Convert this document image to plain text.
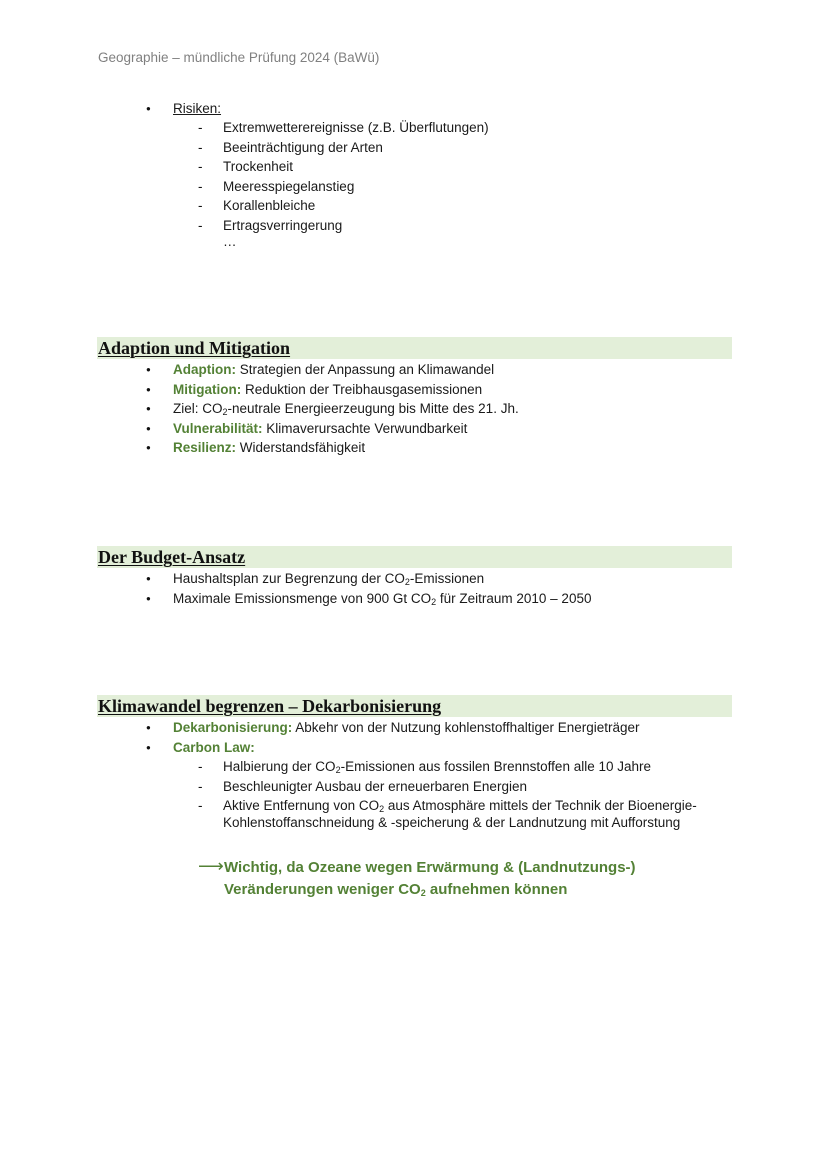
Geographie – mündliche Prüfung 2024 (BaWü)
● Risiken:
- Extremwetterereignisse (z.B. Überflutungen)
- Beeinträchtigung der Arten
- Trockenheit
- Meeresspiegelanstieg
- Korallenbleiche
- Ertragsverringerung
…
Adaption und Mitigation
● Adaption: Strategien der Anpassung an Klimawandel
● Mitigation: Reduktion der Treibhausgasemissionen
● Ziel: $CO_2$-neutrale Energieerzeugung bis Mitte des 21. Jh.
● Vulnerabilität: Klimaverursachte Verwundbarkeit
● Resilienz: Widerstandsfähigkeit
Der Budget-Ansatz
● Haushaltsplan zur Begrenzung der $CO_2$-Emissionen
● Maximale Emissionsmenge von 900 Gt $CO_2$ für Zeitraum 2010 – 2050
Klimawandel begrenzen – Dekarbonisierung
● Dekarbonisierung: Abkehr von der Nutzung kohlenstoffhaltiger Energieträger
● Carbon Law:
- Halbierung der $CO_2$-Emissionen aus fossilen Brennstoffen alle 10 Jahre
- Beschleunigter Ausbau der erneuerbaren Energien
- Aktive Entfernung von $CO_2$ aus Atmosphäre mittels der Technik der Bioenergie-
Kohlenstoffanschneidung & -speicherung & der Landnutzung mit Aufforstung
⟶Wichtig, da Ozeane wegen Erwärmung & (Landnutzungs-)
Veränderungen weniger $CO_2$ aufnehmen können
